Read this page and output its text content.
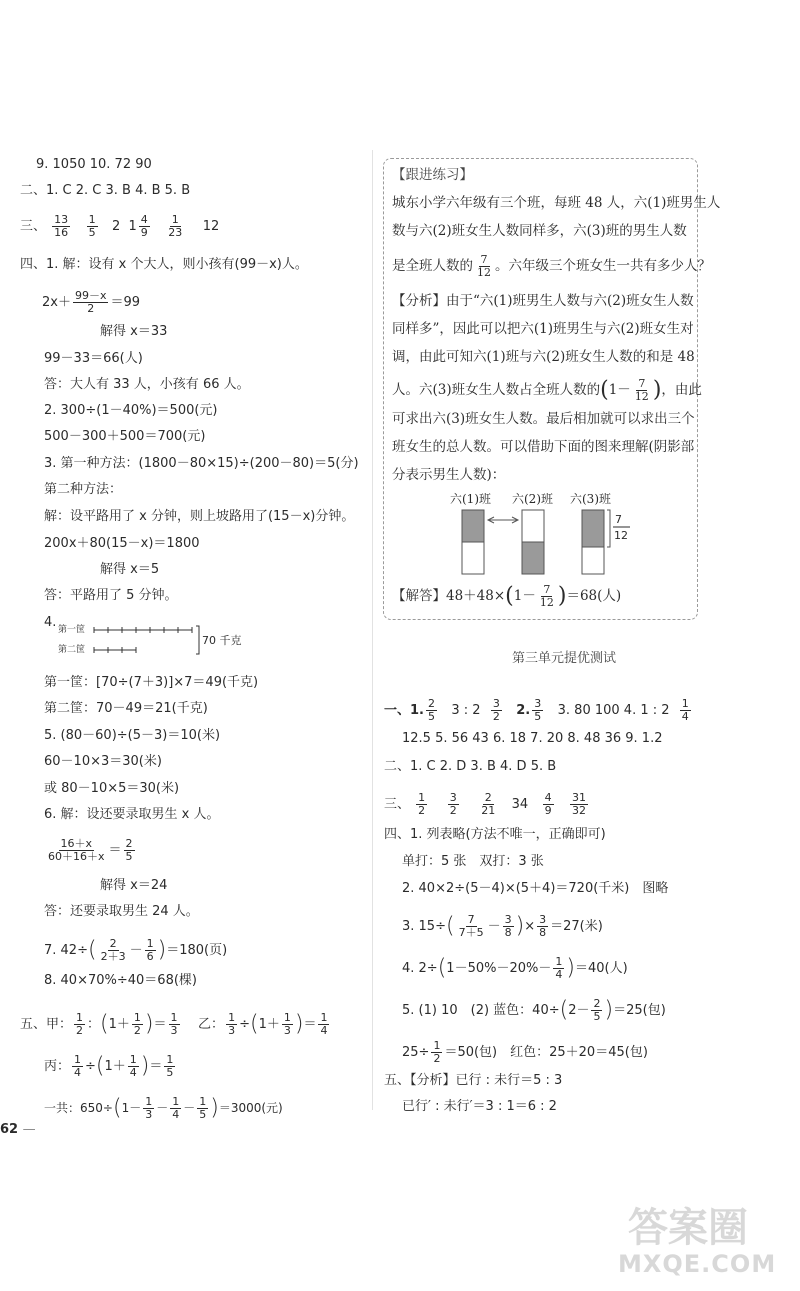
9. 1050 10. 72 90
二、1. C 2. C 3. B 4. B 5. B
三、 $\frac{13}{16}$
$\frac{1}{5} 2$ $1 \frac{4}{9}$
$\frac{1}{23} 12$
四、1. 解：设有 x 个大人，则小孩有(99－x)人。
$2x+ \frac{99-x}{2} =99$
解得 x＝33
99－33＝66(人)
答：大人有 33 人，小孩有 66 人。
2. 300÷(1－40%)＝500(元)
500－300＋500＝700(元)
3. 第一种方法：(1800－80×15)÷(200－80)＝5(分)
第二种方法：
解：设平路用了 x 分钟，则上坡路用了(15－x)分钟。
200x＋80(15－x)＝1800
解得 x＝5
答：平路用了 5 分钟。
4. 第一筐
第二筐
70 千克
第一筐：[70÷(7＋3)]×7＝49(千克)
第二筐：70－49＝21(千克)
5. (80－60)÷(5－3)＝10(米)
60－10×3＝30(米)
或 80－10×5＝30(米)
6. 解：设还要录取男生 x 人。
$\frac{16+x}{60+16+x} = \frac{2}{5}$
解得 x＝24
答：还要录取男生 24 人。
7. $42\div( \frac{2}{2+3} - \frac{1}{6} )=180$(页)
8. 40×70%÷40＝68(棵)
五、甲： $\frac{1}{2}$ ：($1+ \frac{1}{2}$ )＝ $\frac{1}{3}$ 乙： $\frac{1}{3} \div(1+ \frac{1}{3}$ )＝ $\frac{1}{4}$
丙： $\frac{1}{4} \div(1+ \frac{1}{4}$ )＝ $\frac{1}{5}$
一共：$650\div(1- \frac{1}{3} - \frac{1}{4} - \frac{1}{5} )=3000$(元)
62 —
【跟进练习】
城东小学六年级有三个班，每班 48 人，六(1)班男生人
数与六(2)班女生人数同样多，六(3)班的男生人数
是全班人数的 $\frac{7}{12}$ 。六年级三个班女生一共有多少人？
【分析】由于“六(1)班男生人数与六(2)班女生人数
同样多”，因此可以把六(1)班男生与六(2)班女生对
调，由此可知六(1)班与六(2)班女生人数的和是 48
人。六(3)班女生人数占全班人数的($1- \frac{7}{12}$ )，由此
可求出六(3)班女生人数。最后相加就可以求出三个
班女生的总人数。可以借助下面的图来理解(阴影部
分表示男生人数)：
六(1)班 六(2)班 六(3)班
7
12
【解答】$48+48\times(1- \frac{7}{12} )=68$(人)
第三单元提优测试
一、1. $\frac{2}{5} 3$ : $2 \frac{3}{2} 2$. $\frac{3}{5} 3$. 80 100 4. 1 : $2 \frac{1}{4}$
12.5 5. 56 43 6. 18 7. 20 8. 48 36 9. 1.2
二、1. C 2. D 3. B 4. D 5. B
三、 $\frac{1}{2}$
$\frac{3}{2}$
$\frac{2}{21} 34 \frac{4}{9}$
$\frac{31}{32}$
四、1. 列表略(方法不唯一，正确即可)
单打：5 张　双打：3 张
2. 40×2÷(5－4)×(5＋4)＝720(千米)　图略
3. $15\div( \frac{7}{7+5} - \frac{3}{8}$ )× $\frac{3}{8} =27$(米)
4. $2\div(1-50\%-20\%- \frac{1}{4} )=40$(人)
5. (1) 10　(2) 蓝色：$40\div(2- \frac{2}{5} )=25$(包)
$25\div \frac{1}{2} =50$(包)　红色：25＋20＝45(包)
五、【分析】已行 : 未行＝5 : 3
已行′ : 未行′＝3 : 1＝6 : 2
答案圈
MXQE.COM
